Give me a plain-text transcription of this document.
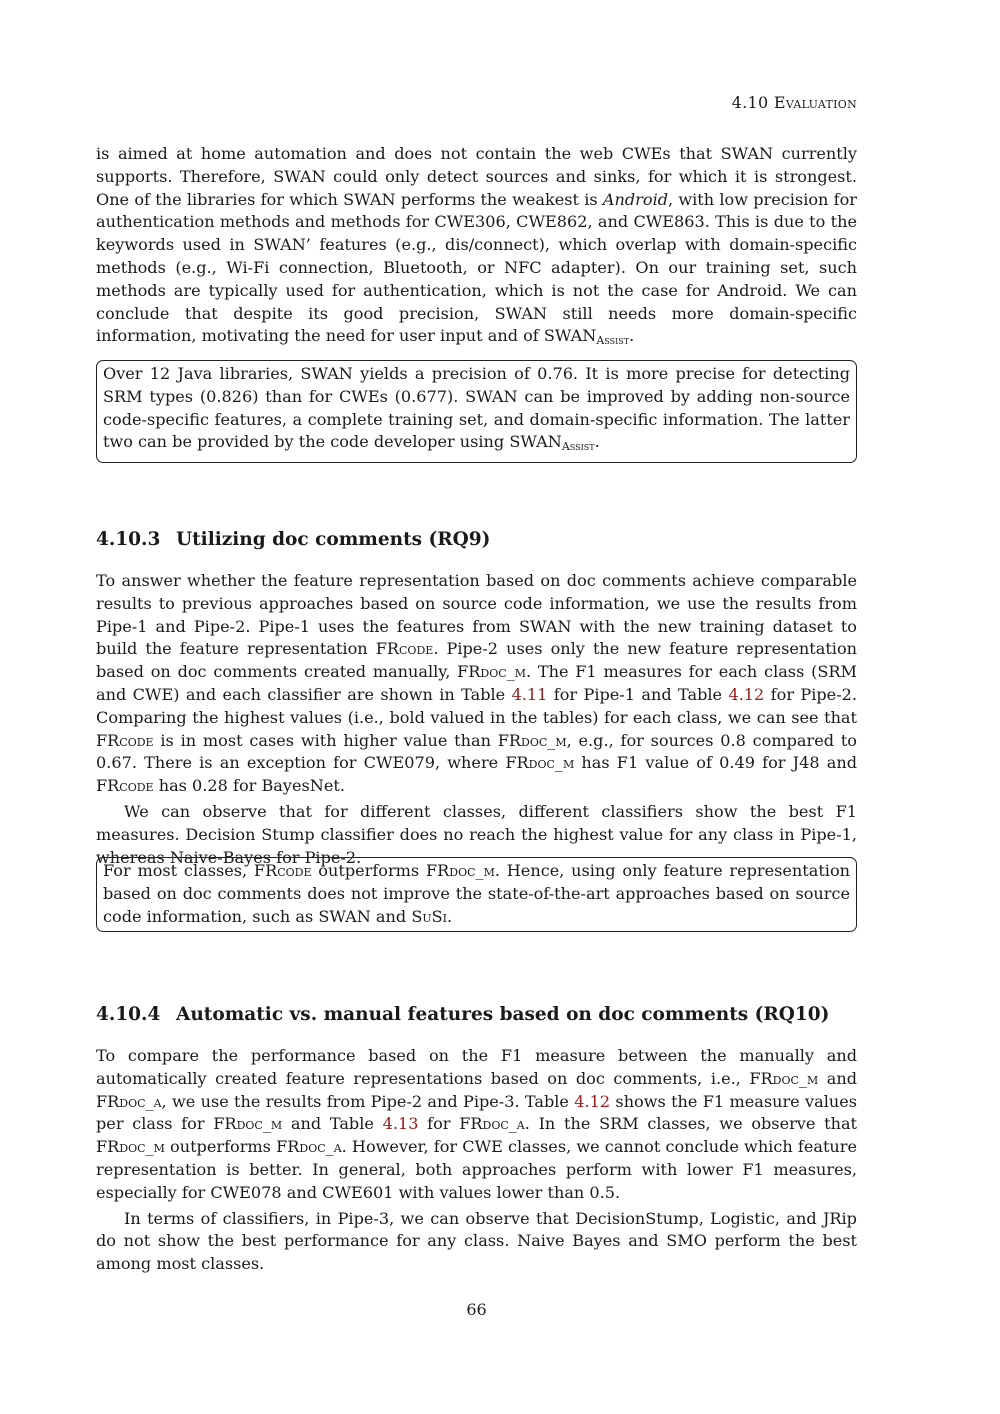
4.10 Evaluation

is aimed at home automation and does not contain the web CWEs that SWAN currently supports. Therefore, SWAN could only detect sources and sinks, for which it is strongest. One of the libraries for which SWAN performs the weakest is Android, with low precision for authentication methods and methods for CWE306, CWE862, and CWE863. This is due to the keywords used in SWAN’ features (e.g., dis/connect), which overlap with domain-specific methods (e.g., Wi-Fi connection, Bluetooth, or NFC adapter). On our training set, such methods are typically used for authentication, which is not the case for Android. We can conclude that despite its good precision, SWAN still needs more domain-specific information, motivating the need for user input and of $SWAN_{Assist}$.

Over 12 Java libraries, SWAN yields a precision of 0.76. It is more precise for detecting SRM types (0.826) than for CWEs (0.677). SWAN can be improved by adding non-source code-specific features, a complete training set, and domain-specific information. The latter two can be provided by the code developer using $SWAN_{Assist}$.
4.10.3 Utilizing doc comments (RQ9)

To answer whether the feature representation based on doc comments achieve comparable results to previous approaches based on source code information, we use the results from Pipe-1 and Pipe-2. Pipe-1 uses the features from SWAN with the new training dataset to build the feature representation FRcode. Pipe-2 uses only the new feature representation based on doc comments created manually, FRdoc_m. The F1 measures for each class (SRM and CWE) and each classifier are shown in Table 4.11 for Pipe-1 and Table 4.12 for Pipe-2. Comparing the highest values (i.e., bold valued in the tables) for each class, we can see that FRcode is in most cases with higher value than FRdoc_m, e.g., for sources 0.8 compared to 0.67. There is an exception for CWE079, where FRdoc_m has F1 value of 0.49 for J48 and FRcode has 0.28 for BayesNet.

We can observe that for different classes, different classifiers show the best F1 measures. Decision Stump classifier does no reach the highest value for any class in Pipe-1, whereas Naive-Bayes for Pipe-2.

For most classes, FRcode outperforms FRdoc_m. Hence, using only feature representation based on doc comments does not improve the state-of-the-art approaches based on source code information, such as SWAN and SuSi.
4.10.4 Automatic vs. manual features based on doc comments (RQ10)

To compare the performance based on the F1 measure between the manually and automatically created feature representations based on doc comments, i.e., FRdoc_m and FRdoc_a, we use the results from Pipe-2 and Pipe-3. Table 4.12 shows the F1 measure values per class for FRdoc_m and Table 4.13 for FRdoc_a. In the SRM classes, we observe that FRdoc_m outperforms FRdoc_a. However, for CWE classes, we cannot conclude which feature representation is better. In general, both approaches perform with lower F1 measures, especially for CWE078 and CWE601 with values lower than 0.5.

In terms of classifiers, in Pipe-3, we can observe that DecisionStump, Logistic, and JRip do not show the best performance for any class. Naive Bayes and SMO perform the best among most classes.

66
